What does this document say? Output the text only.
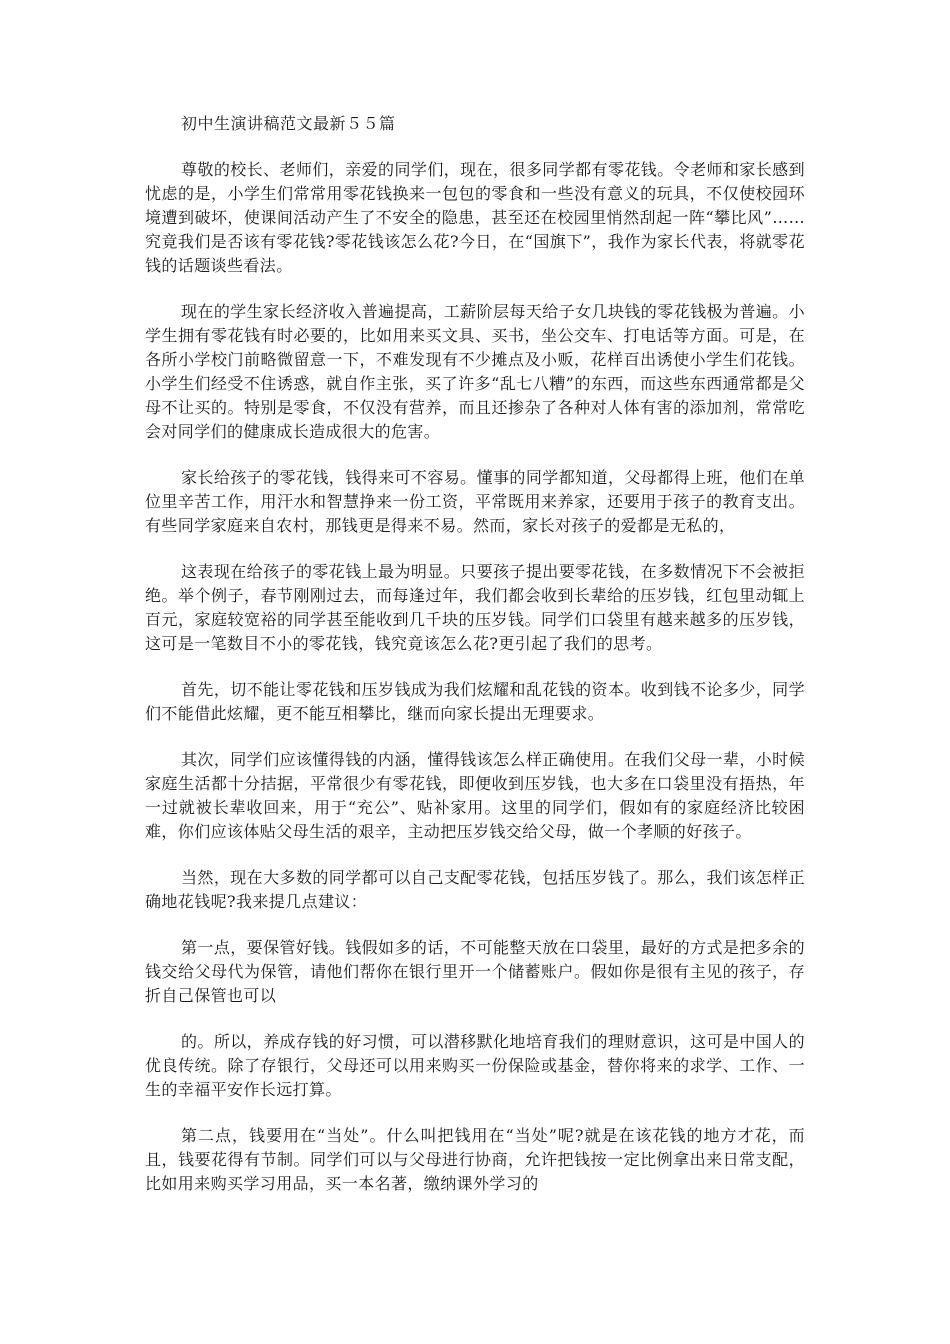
初中生演讲稿范文最新５５篇

尊敬的校长、老师们，亲爱的同学们，现在，很多同学都有零花钱。令老师和家长感到忧虑的是，小学生们常常用零花钱换来一包包的零食和一些没有意义的玩具，不仅使校园环境遭到破坏，使课间活动产生了不安全的隐患，甚至还在校园里悄然刮起一阵“攀比风”……究竟我们是否该有零花钱?零花钱该怎么花?今日，在“国旗下”，我作为家长代表，将就零花钱的话题谈些看法。

现在的学生家长经济收入普遍提高，工薪阶层每天给子女几块钱的零花钱极为普遍。小学生拥有零花钱有时必要的，比如用来买文具、买书，坐公交车、打电话等方面。可是，在各所小学校门前略微留意一下，不难发现有不少摊点及小贩，花样百出诱使小学生们花钱。小学生们经受不住诱惑，就自作主张，买了许多“乱七八糟”的东西，而这些东西通常都是父母不让买的。特别是零食，不仅没有营养，而且还掺杂了各种对人体有害的添加剂，常常吃会对同学们的健康成长造成很大的危害。

家长给孩子的零花钱，钱得来可不容易。懂事的同学都知道，父母都得上班，他们在单位里辛苦工作，用汗水和智慧挣来一份工资，平常既用来养家，还要用于孩子的教育支出。有些同学家庭来自农村，那钱更是得来不易。然而，家长对孩子的爱都是无私的，

这表现在给孩子的零花钱上最为明显。只要孩子提出要零花钱，在多数情况下不会被拒绝。举个例子，春节刚刚过去，而每逢过年，我们都会收到长辈给的压岁钱，红包里动辄上百元，家庭较宽裕的同学甚至能收到几千块的压岁钱。同学们口袋里有越来越多的压岁钱，这可是一笔数目不小的零花钱，钱究竟该怎么花?更引起了我们的思考。

首先，切不能让零花钱和压岁钱成为我们炫耀和乱花钱的资本。收到钱不论多少，同学们不能借此炫耀，更不能互相攀比，继而向家长提出无理要求。

其次，同学们应该懂得钱的内涵，懂得钱该怎么样正确使用。在我们父母一辈，小时候家庭生活都十分拮据，平常很少有零花钱，即便收到压岁钱，也大多在口袋里没有捂热，年一过就被长辈收回来，用于“充公”、贴补家用。这里的同学们，假如有的家庭经济比较困难，你们应该体贴父母生活的艰辛，主动把压岁钱交给父母，做一个孝顺的好孩子。

当然，现在大多数的同学都可以自己支配零花钱，包括压岁钱了。那么，我们该怎样正确地花钱呢?我来提几点建议：

第一点，要保管好钱。钱假如多的话，不可能整天放在口袋里，最好的方式是把多余的钱交给父母代为保管，请他们帮你在银行里开一个储蓄账户。假如你是很有主见的孩子，存折自己保管也可以

的。所以，养成存钱的好习惯，可以潜移默化地培育我们的理财意识，这可是中国人的优良传统。除了存银行，父母还可以用来购买一份保险或基金，替你将来的求学、工作、一生的幸福平安作长远打算。

第二点，钱要用在“当处”。什么叫把钱用在“当处”呢?就是在该花钱的地方才花，而且，钱要花得有节制。同学们可以与父母进行协商，允许把钱按一定比例拿出来日常支配，比如用来购买学习用品，买一本名著，缴纳课外学习的
